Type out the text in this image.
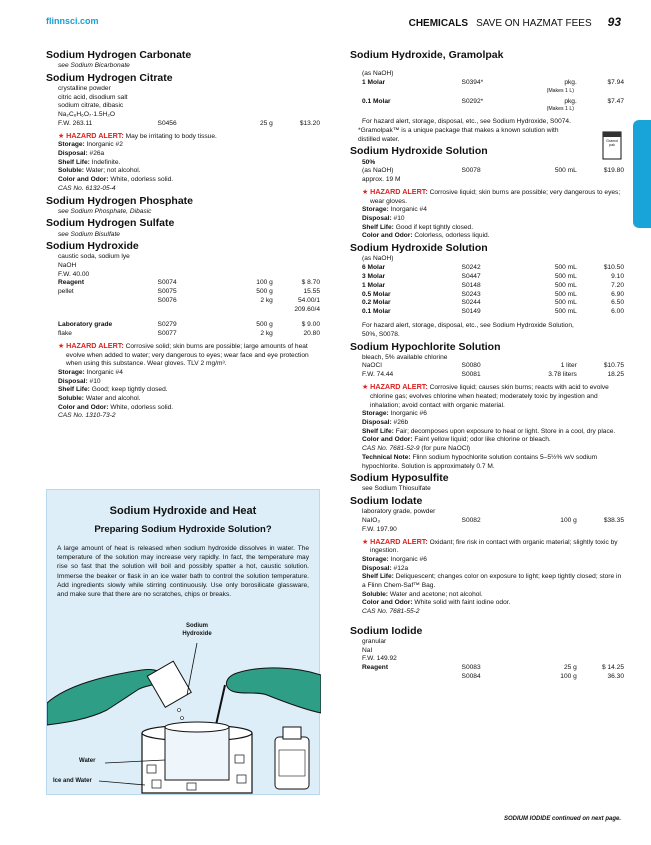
flinnsci.com	CHEMICALS SAVE ON HAZMAT FEES 93
Sodium Hydrogen Carbonate
see Sodium Bicarbonate
Sodium Hydrogen Citrate
crystalline powder
citric acid, disodium salt
sodium citrate, dibasic
Na₂C₆H₆O₇·1.5H₂O
F.W. 263.11	S0456	25 g	$13.20
★ HAZARD ALERT: May be irritating to body tissue.
Storage: Inorganic #2
Disposal: #26a
Shelf Life: Indefinite.
Soluble: Water; not alcohol.
Color and Odor: White, odorless solid.
CAS No. 6132-05-4
Sodium Hydrogen Phosphate
see Sodium Phosphate, Dibasic
Sodium Hydrogen Sulfate
see Sodium Bisulfate
Sodium Hydroxide
caustic soda, sodium lye
NaOH
F.W. 40.00
Reagent	S0074	100 g	$ 8.70
pellet	S0075	500 g	15.55
	S0076	2 kg	54.00/1
209.60/4			

Laboratory grade	S0279	500 g	$ 9.00
flake	S0077	2 kg	20.80
★ HAZARD ALERT: Corrosive solid; skin burns are possible; large amounts of heat evolve when added to water; very dangerous to eyes; wear face and eye protection when using this substance. Wear gloves. TLV 2 mg/m³.
Storage: Inorganic #4
Disposal: #10
Shelf Life: Good; keep tightly closed.
Soluble: Water and alcohol.
Color and Odor: White, odorless solid.
CAS No. 1310-73-2
Sodium Hydroxide and Heat
Preparing Sodium Hydroxide Solution?
A large amount of heat is released when sodium hydroxide dissolves in water. The temperature of the solution may increase very rapidly. In fact, the temperature may rise so fast that the solution will boil and possibly spatter a hot, caustic solution. Immerse the beaker or flask in an ice water bath to control the solution temperature. Add ingredients slowly while stirring continuously. Use only borosilicate glassware, and make sure that there are no scratches, chips or breaks.
Sodium Hydroxide
Water
Ice and Water
Sodium Hydroxide, Gramolpak
(as NaOH)
1 Molar	S0394*	pkg.	$7.94
(Makes 1 L)
0.1 Molar	S0292*	pkg.	$7.47
(Makes 1 L)
For hazard alert, storage, disposal, etc., see Sodium Hydroxide, S0074.
*Gramolpak™ is a unique package that makes a known solution with distilled water.
Sodium Hydroxide Solution
50%
(as NaOH)	S0078	500 mL	$19.80
approx. 19 M
★ HAZARD ALERT: Corrosive liquid; skin burns are possible; very dangerous to eyes; wear gloves.
Storage: Inorganic #4
Disposal: #10
Shelf Life: Good if kept tightly closed.
Color and Odor: Colorless, odorless liquid.
Sodium Hydroxide Solution
(as NaOH)
6 Molar	S0242	500 mL	$10.50
3 Molar	S0447	500 mL	9.10
1 Molar	S0148	500 mL	7.20
0.5 Molar	S0243	500 mL	6.90
0.2 Molar	S0244	500 mL	6.50
0.1 Molar	S0149	500 mL	6.00
For hazard alert, storage, disposal, etc., see Sodium Hydroxide Solution, 50%, S0078.
Sodium Hypochlorite Solution
bleach, 5% available chlorine
NaOCl	S0080	1 liter	$10.75
F.W. 74.44	S0081	3.78 liters	18.25
★ HAZARD ALERT: Corrosive liquid; causes skin burns; reacts with acid to evolve chlorine gas; evolves chlorine when heated; moderately toxic by ingestion and inhalation; avoid contact with organic material.
Storage: Inorganic #6
Disposal: #26b
Shelf Life: Fair; decomposes upon exposure to heat or light. Store in a cool, dry place.
Color and Odor: Faint yellow liquid; odor like chlorine or bleach.
CAS No. 7681-52-9 (for pure NaOCl)
Technical Note: Flinn sodium hypochlorite solution contains 5–5½% w/v sodium hypochlorite. Solution is approximately 0.7 M.
Sodium Hyposulfite
see Sodium Thiosulfate
Sodium Iodate
laboratory grade, powder
NaIO₃	S0082	100 g	$38.35
F.W. 197.90
★ HAZARD ALERT: Oxidant; fire risk in contact with organic material; slightly toxic by ingestion.
Storage: Inorganic #6
Disposal: #12a
Shelf Life: Deliquescent; changes color on exposure to light; keep tightly closed; store in a Flinn Chem-Saf™ Bag.
Soluble: Water and acetone; not alcohol.
Color and Odor: White solid with faint iodine odor.
CAS No. 7681-55-2
Sodium Iodide
granular
NaI
F.W. 149.92
Reagent	S0083	25 g	$ 14.25
	S0084	100 g	36.30
Gramol pak
SODIUM IODIDE continued on next page.
